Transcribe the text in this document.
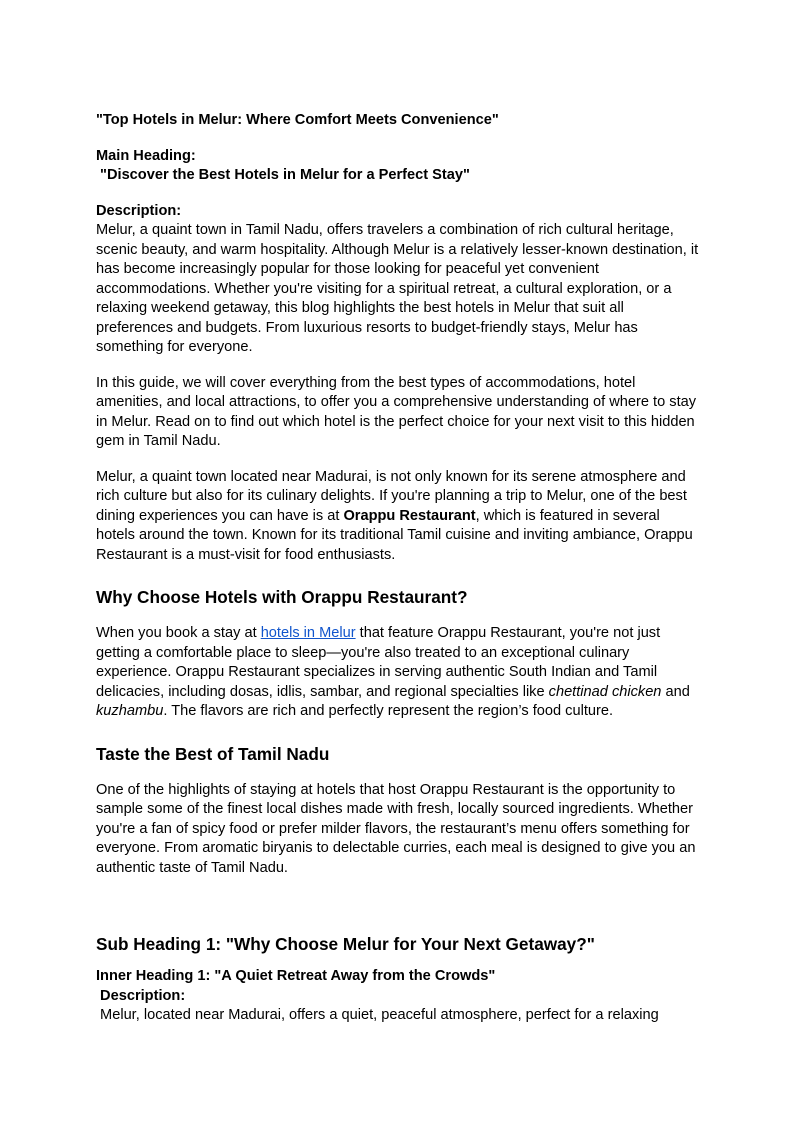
"Top Hotels in Melur: Where Comfort Meets Convenience"

Main Heading:

"Discover the Best Hotels in Melur for a Perfect Stay"

Description:

Melur, a quaint town in Tamil Nadu, offers travelers a combination of rich cultural heritage, scenic beauty, and warm hospitality. Although Melur is a relatively lesser-known destination, it has become increasingly popular for those looking for peaceful yet convenient accommodations. Whether you're visiting for a spiritual retreat, a cultural exploration, or a relaxing weekend getaway, this blog highlights the best hotels in Melur that suit all preferences and budgets. From luxurious resorts to budget-friendly stays, Melur has something for everyone.

In this guide, we will cover everything from the best types of accommodations, hotel amenities, and local attractions, to offer you a comprehensive understanding of where to stay in Melur. Read on to find out which hotel is the perfect choice for your next visit to this hidden gem in Tamil Nadu.

Melur, a quaint town located near Madurai, is not only known for its serene atmosphere and rich culture but also for its culinary delights. If you're planning a trip to Melur, one of the best dining experiences you can have is at Orappu Restaurant, which is featured in several hotels around the town. Known for its traditional Tamil cuisine and inviting ambiance, Orappu Restaurant is a must-visit for food enthusiasts.

Why Choose Hotels with Orappu Restaurant?

When you book a stay at hotels in Melur that feature Orappu Restaurant, you're not just getting a comfortable place to sleep—you're also treated to an exceptional culinary experience. Orappu Restaurant specializes in serving authentic South Indian and Tamil delicacies, including dosas, idlis, sambar, and regional specialties like chettinad chicken and kuzhambu. The flavors are rich and perfectly represent the region’s food culture.

Taste the Best of Tamil Nadu

One of the highlights of staying at hotels that host Orappu Restaurant is the opportunity to sample some of the finest local dishes made with fresh, locally sourced ingredients. Whether you're a fan of spicy food or prefer milder flavors, the restaurant’s menu offers something for everyone. From aromatic biryanis to delectable curries, each meal is designed to give you an authentic taste of Tamil Nadu.

Sub Heading 1: "Why Choose Melur for Your Next Getaway?"

Inner Heading 1: "A Quiet Retreat Away from the Crowds"

Description:

Melur, located near Madurai, offers a quiet, peaceful atmosphere, perfect for a relaxing
